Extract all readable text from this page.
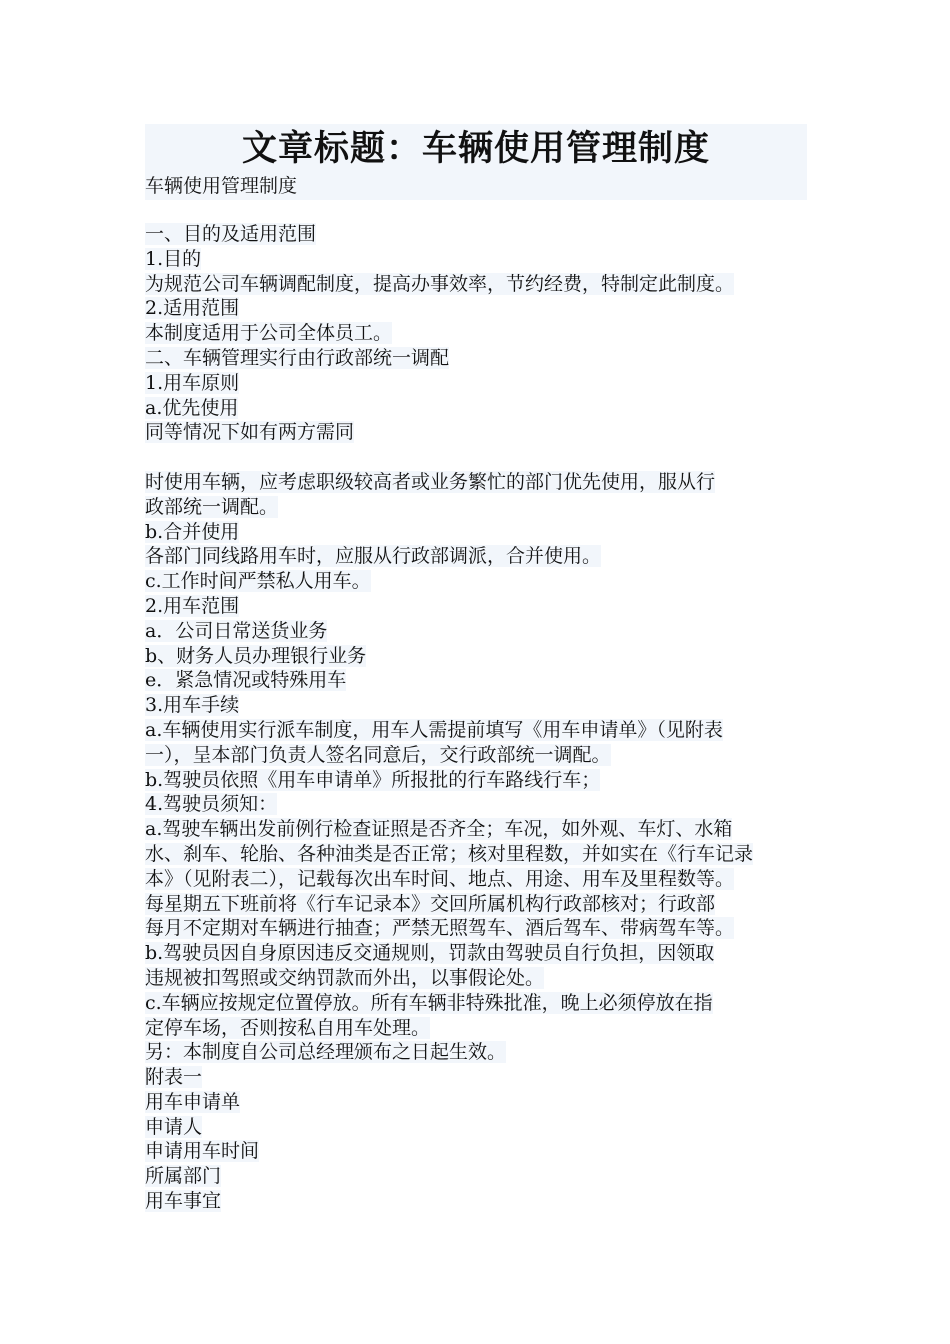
文章标题：车辆使用管理制度
车辆使用管理制度
一、目的及适用范围
1.目的
为规范公司车辆调配制度，提高办事效率，节约经费，特制定此制度。
2.适用范围
本制度适用于公司全体员工。
二、车辆管理实行由行政部统一调配
1.用车原则
a.优先使用
同等情况下如有两方需同
时使用车辆，应考虑职级较高者或业务繁忙的部门优先使用，服从行
政部统一调配。
b.合并使用
各部门同线路用车时，应服从行政部调派，合并使用。
c.工作时间严禁私人用车。
2.用车范围
a．公司日常送货业务
b、财务人员办理银行业务
e．紧急情况或特殊用车
3.用车手续
a.车辆使用实行派车制度，用车人需提前填写《用车申请单》（见附表
一），呈本部门负责人签名同意后，交行政部统一调配。
b.驾驶员依照《用车申请单》所报批的行车路线行车；
4.驾驶员须知：
a.驾驶车辆出发前例行检查证照是否齐全；车况，如外观、车灯、水箱
水、刹车、轮胎、各种油类是否正常；核对里程数，并如实在《行车记录
本》（见附表二），记载每次出车时间、地点、用途、用车及里程数等。
每星期五下班前将《行车记录本》交回所属机构行政部核对；行政部
每月不定期对车辆进行抽查；严禁无照驾车、酒后驾车、带病驾车等。
b.驾驶员因自身原因违反交通规则，罚款由驾驶员自行负担，因领取
违规被扣驾照或交纳罚款而外出，以事假论处。
c.车辆应按规定位置停放。所有车辆非特殊批准，晚上必须停放在指
定停车场，否则按私自用车处理。
另：本制度自公司总经理颁布之日起生效。
附表一
用车申请单
申请人
申请用车时间
所属部门
用车事宜
